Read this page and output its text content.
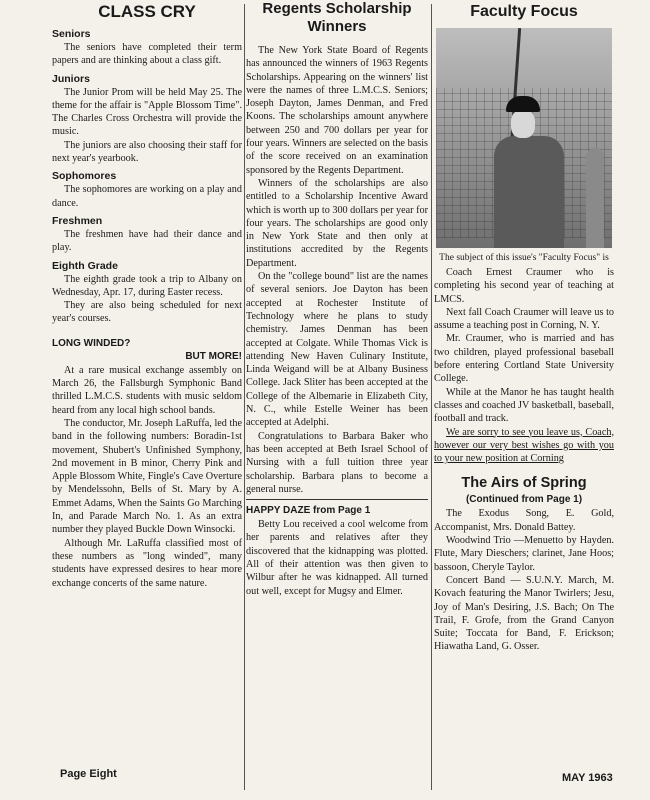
CLASS CRY
Seniors

The seniors have completed their term papers and are thinking about a class gift.

Juniors

The Junior Prom will be held May 25. The theme for the affair is "Apple Blossom Time". The Charles Cross Orchestra will provide the music.

The juniors are also choosing their staff for next year's yearbook.

Sophomores

The sophomores are working on a play and dance.

Freshmen

The freshmen have had their dance and play.

Eighth Grade

The eighth grade took a trip to Albany on Wednesday, Apr. 17, during Easter recess.

They are also being scheduled for next year's courses.

LONG WINDED?
BUT MORE!

At a rare musical exchange assembly on March 26, the Fallsburgh Symphonic Band thrilled L.M.C.S. students with music seldom heard from any local high school bands.

The conductor, Mr. Joseph LaRuffa, led the band in the following numbers: Boradin-1st movement, Shubert's Unfinished Symphony, 2nd movement in B minor, Cherry Pink and Apple Blossom White, Fingle's Cave Overture by Mendelssohn, Bells of St. Mary by A. Emmet Adams, When the Saints Go Marching In, and Parade March No. 1. As an extra number they played Buckle Down Winsocki.

Although Mr. LaRuffa classified most of these numbers as "long winded", many students have expressed desires to hear more exchange concerts of the same nature.

Regents Scholarship
Winners

The New York State Board of Regents has announced the winners of 1963 Regents Scholarships. Appearing on the winners' list were the names of three L.M.C.S. Seniors; Joseph Dayton, James Denman, and Fred Koons. The scholarships amount anywhere between 250 and 700 dollars per year for four years. Winners are selected on the basis of the score received on an examination sponsored by the Regents Department.

Winners of the scholarships are also entitled to a Scholarship Incentive Award which is worth up to 300 dollars per year for four years. The scholarships are good only in New York State and then only at institutions accredited by the Regents Department.

On the "college bound" list are the names of several seniors. Joe Dayton has been accepted at Rochester Institute of Technology where he plans to study chemistry. James Denman has been accepted at Colgate. While Thomas Vick is attending New Haven Culinary Institute, Linda Weigand will be at Albany Business College. Jack Sliter has been accepted at the College of the Albemarie in Elizabeth City, N. C., while Estelle Weiner has been accepted at Adelphi.

Congratulations to Barbara Baker who has been accepted at Beth Israel School of Nursing with a full tuition three year scholarship. Barbara plans to become a general nurse.

HAPPY DAZE from Page 1

Betty Lou received a cool welcome from her parents and relatives after they discovered that the kidnapping was plotted. All of their attention was then given to Wilbur after he was kidnapped. All turned out well, except for Mugsy and Elmer.

Faculty Focus
The subject of this issue's "Faculty Focus" is

Coach Ernest Craumer who is completing his second year of teaching at LMCS.

Next fall Coach Craumer will leave us to assume a teaching post in Corning, N. Y.

Mr. Craumer, who is married and has two children, played professional baseball before entering Cortland State University College.

While at the Manor he has taught health classes and coached JV basketball, baseball, football and track.

We are sorry to see you leave us, Coach, however our very best wishes go with you to your new position at Corning

The Airs of Spring
(Continued from Page 1)

The Exodus Song, E. Gold, Accompanist, Mrs. Donald Battey.

Woodwind Trio —Menuetto by Hayden. Flute, Mary Dieschers; clarinet, Jane Hoos; bassoon, Cheryle Taylor.

Concert Band — S.U.N.Y. March, M. Kovach featuring the Manor Twirlers; Jesu, Joy of Man's Desiring, J.S. Bach; On The Trail, F. Grofe, from the Grand Canyon Suite; Toccata for Band, F. Erickson; Hiawatha Land, G. Osser.

Page Eight	MAY 1963
